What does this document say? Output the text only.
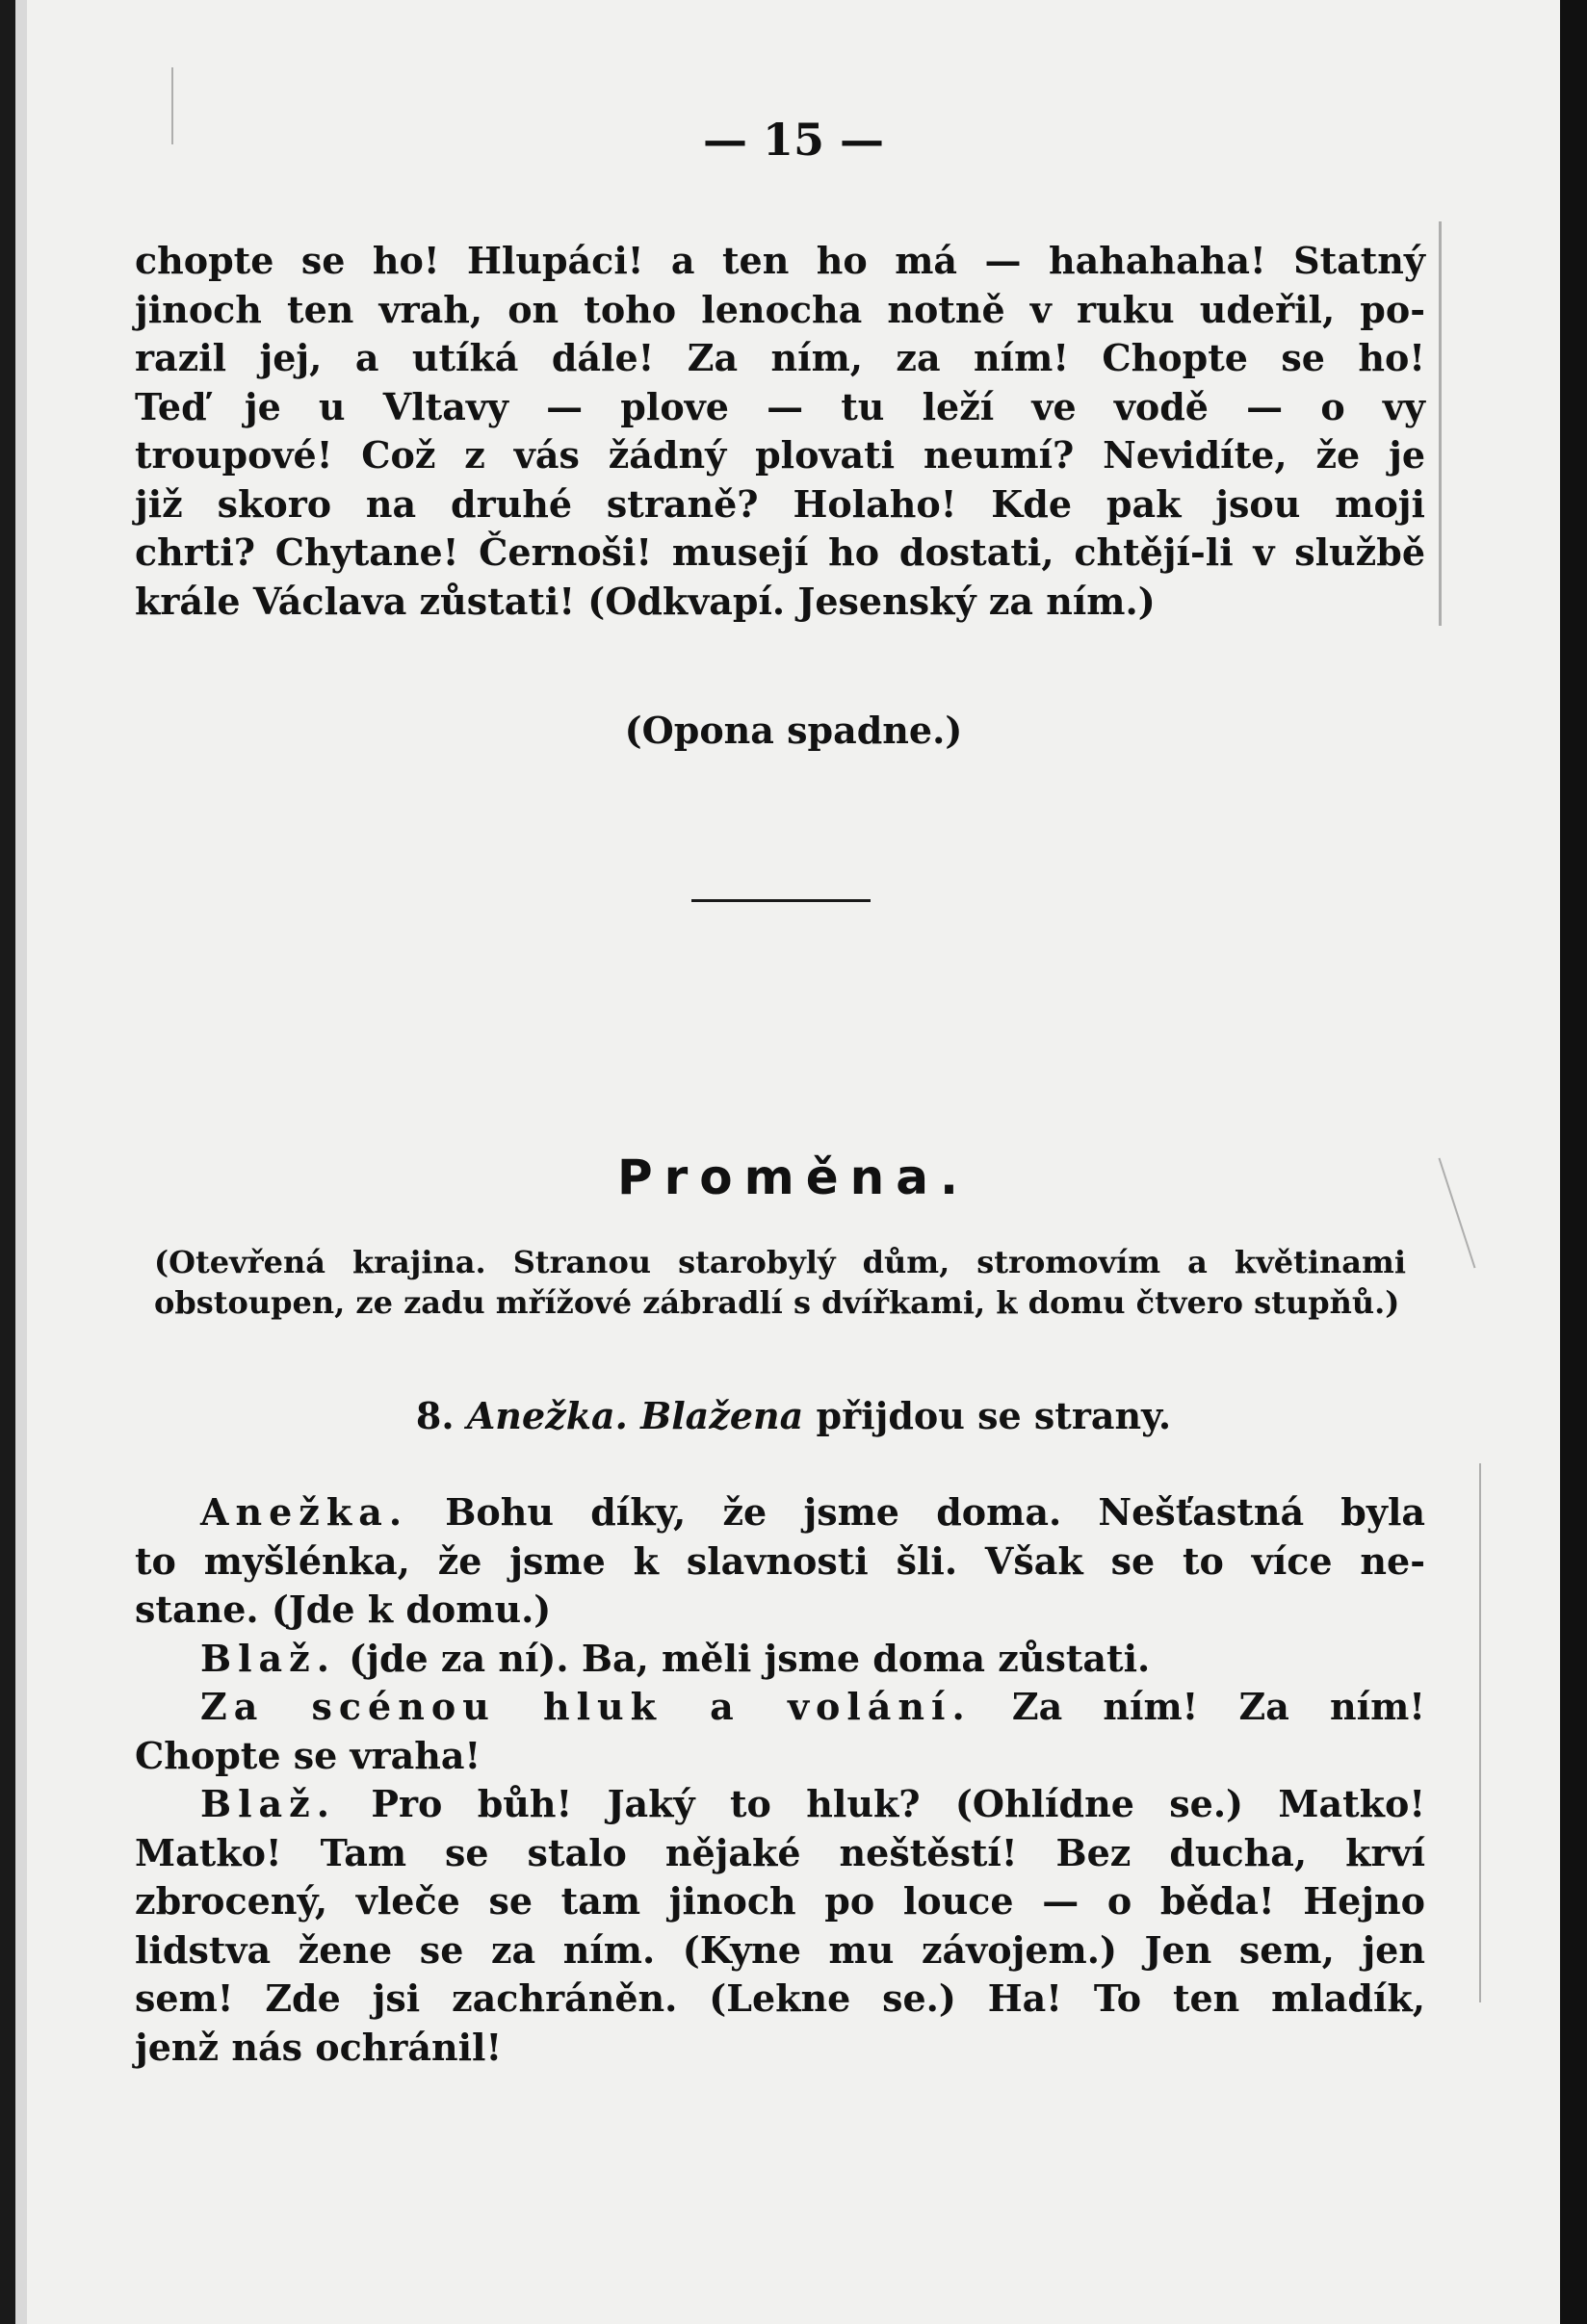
— 15 —
chopte se ho! Hlupáci! a ten ho má — hahahaha! Statný
jinoch ten vrah, on toho lenocha notně v ruku udeřil, po-
razil jej, a utíká dále! Za ním, za ním! Chopte se ho!
Teď je u Vltavy — plove — tu leží ve vodě — o vy
troupové! Což z vás žádný plovati neumí? Nevidíte, že je
již skoro na druhé straně? Holaho! Kde pak jsou moji
chrti? Chytane! Černoši! musejí ho dostati, chtějí-li v službě
krále Václava zůstati! (Odkvapí. Jesenský za ním.)
(Opona spadne.)
Proměna.
(Otevřená krajina. Stranou starobylý dům, stromovím a květinami
obstoupen, ze zadu mřížové zábradlí s dvířkami, k domu čtvero stupňů.)
8. Anežka. Blažena přijdou se strany.
Anežka. Bohu díky, že jsme doma. Nešťastná byla
to myšlénka, že jsme k slavnosti šli. Však se to více ne-
stane. (Jde k domu.)
Blaž. (jde za ní). Ba, měli jsme doma zůstati.
Za scénou hluk a volání. Za ním! Za ním!
Chopte se vraha!
Blaž. Pro bůh! Jaký to hluk? (Ohlídne se.) Matko!
Matko! Tam se stalo nějaké neštěstí! Bez ducha, krví
zbrocený, vleče se tam jinoch po louce — o běda! Hejno
lidstva žene se za ním. (Kyne mu závojem.) Jen sem, jen
sem! Zde jsi zachráněn. (Lekne se.) Ha! To ten mladík,
jenž nás ochránil!
